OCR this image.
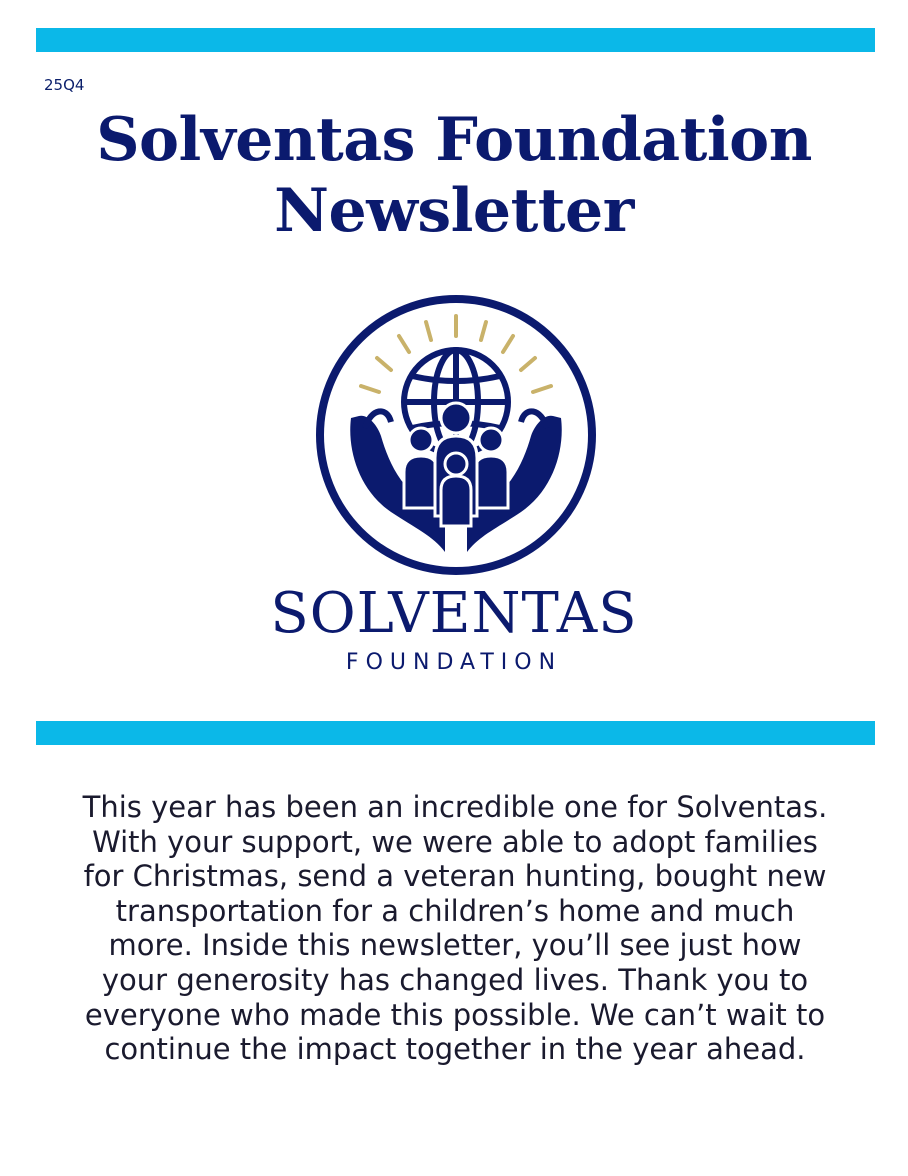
25Q4
Solventas Foundation
Newsletter
SOLVENTAS
FOUNDATION

This year has been an incredible one for Solventas. With your support, we were able to adopt families for Christmas, send a veteran hunting, bought new transportation for a children’s home and much more. Inside this newsletter, you’ll see just how your generosity has changed lives. Thank you to everyone who made this possible. We can’t wait to continue the impact together in the year ahead.
